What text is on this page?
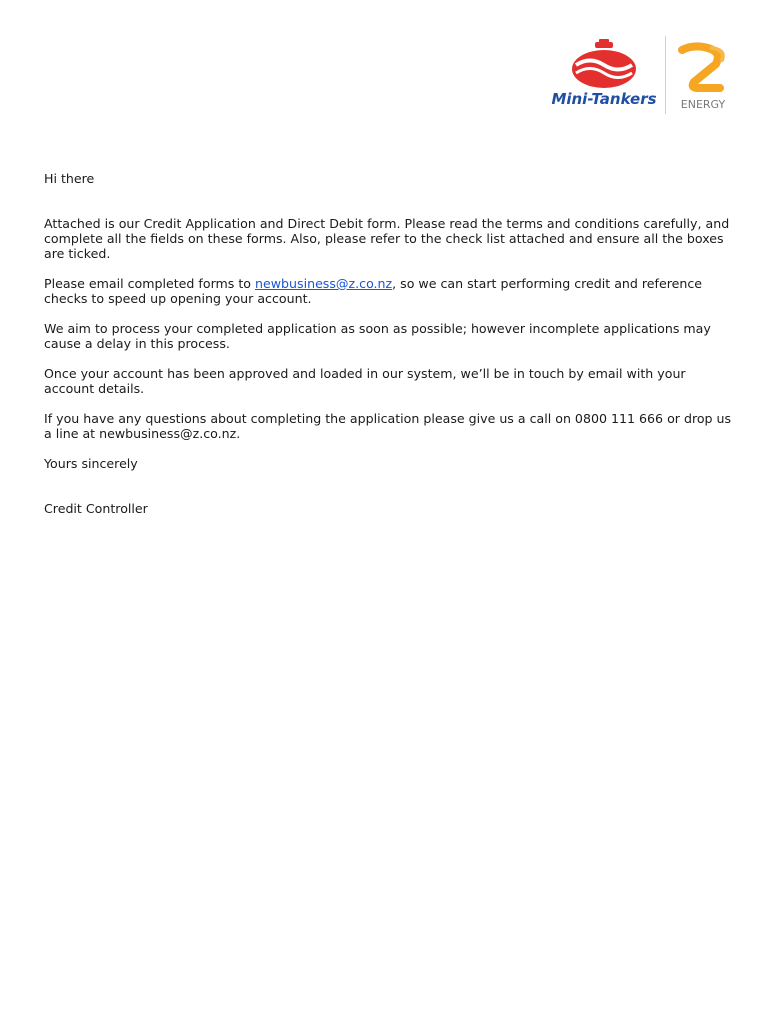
Mini-Tankers ENERGY

Hi there

Attached is our Credit Application and Direct Debit form. Please read the terms and conditions carefully, and complete all the fields on these forms. Also, please refer to the check list attached and ensure all the boxes are ticked.

Please email completed forms to newbusiness@z.co.nz, so we can start performing credit and reference checks to speed up opening your account.

We aim to process your completed application as soon as possible; however incomplete applications may cause a delay in this process.

Once your account has been approved and loaded in our system, we’ll be in touch by email with your account details.

If you have any questions about completing the application please give us a call on 0800 111 666 or drop us a line at newbusiness@z.co.nz.

Yours sincerely

Credit Controller
